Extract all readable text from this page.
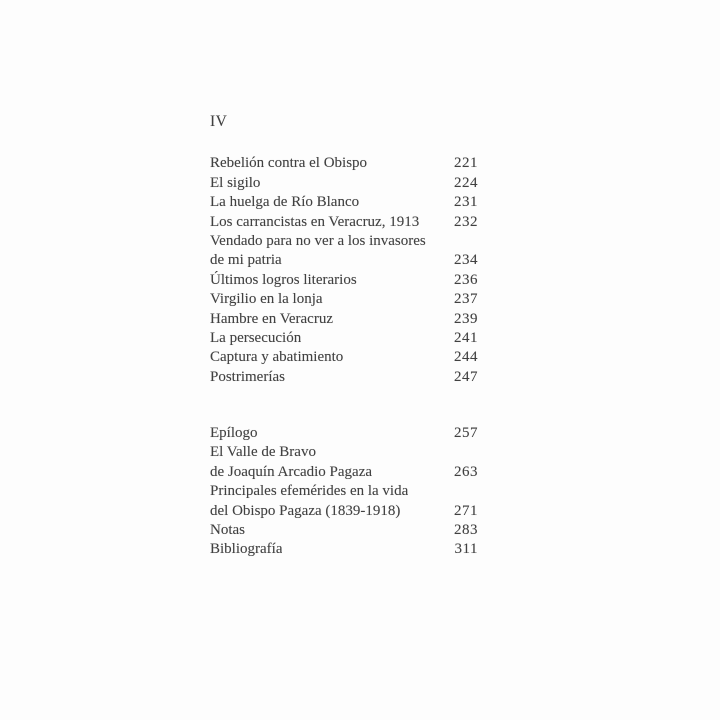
IV
Rebelión contra el Obispo	221
El sigilo	224
La huelga de Río Blanco	231
Los carrancistas en Veracruz, 1913 232
Vendado para no ver a los invasores
de mi patria	234
Últimos logros literarios	236
Virgilio en la lonja	237
Hambre en Veracruz	239
La persecución	241
Captura y abatimiento	244
Postrimerías	247
Epílogo	257
El Valle de Bravo
de Joaquín Arcadio Pagaza	263
Principales efemérides en la vida
del Obispo Pagaza (1839-1918)	271
Notas	283
Bibliografía	311
